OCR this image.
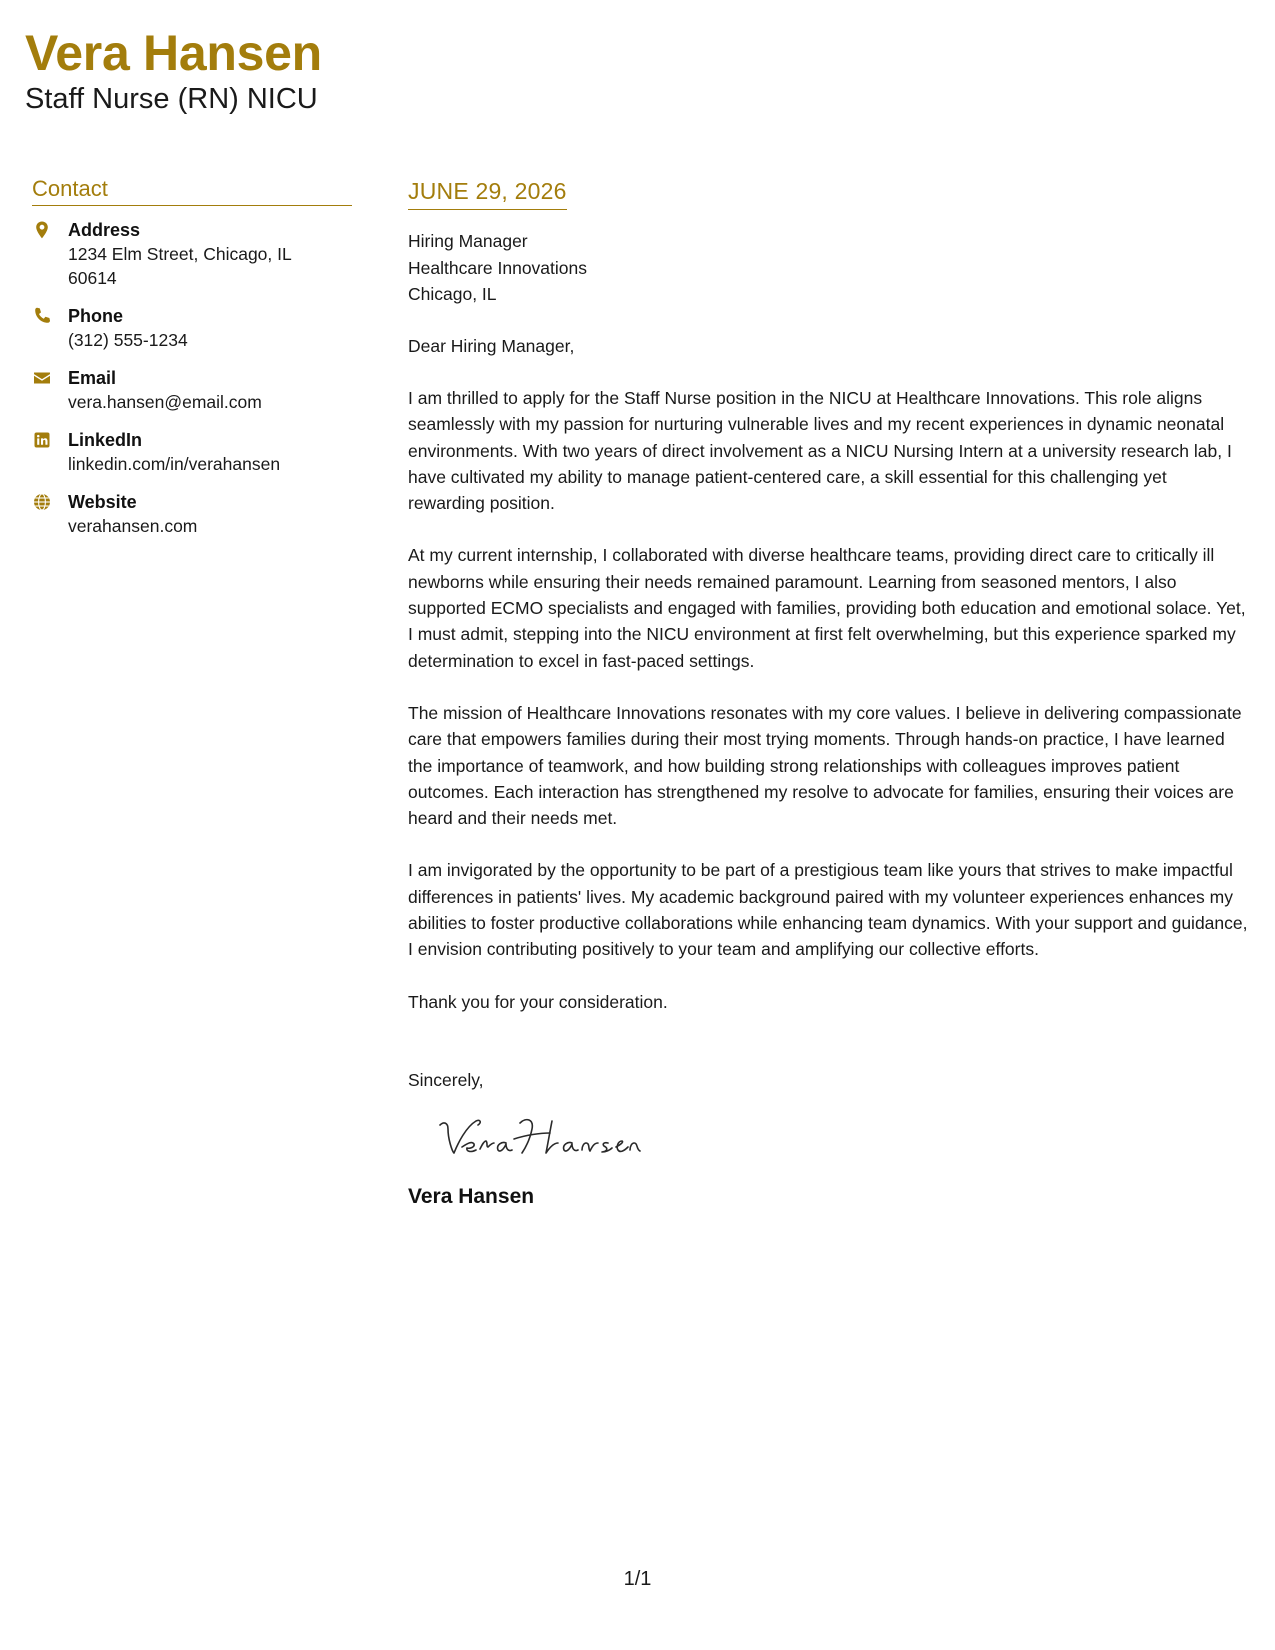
Vera Hansen
Staff Nurse (RN) NICU
Contact
Address
1234 Elm Street, Chicago, IL
60614
Phone
(312) 555-1234
Email
vera.hansen@email.com
LinkedIn
linkedin.com/in/verahansen
Website
verahansen.com
JUNE 29, 2026
Hiring Manager
Healthcare Innovations
Chicago, IL
Dear Hiring Manager,
I am thrilled to apply for the Staff Nurse position in the NICU at Healthcare Innovations. This role aligns seamlessly with my passion for nurturing vulnerable lives and my recent experiences in dynamic neonatal environments. With two years of direct involvement as a NICU Nursing Intern at a university research lab, I have cultivated my ability to manage patient-centered care, a skill essential for this challenging yet rewarding position.
At my current internship, I collaborated with diverse healthcare teams, providing direct care to critically ill newborns while ensuring their needs remained paramount. Learning from seasoned mentors, I also supported ECMO specialists and engaged with families, providing both education and emotional solace. Yet, I must admit, stepping into the NICU environment at first felt overwhelming, but this experience sparked my determination to excel in fast-paced settings.
The mission of Healthcare Innovations resonates with my core values. I believe in delivering compassionate care that empowers families during their most trying moments. Through hands-on practice, I have learned the importance of teamwork, and how building strong relationships with colleagues improves patient outcomes. Each interaction has strengthened my resolve to advocate for families, ensuring their voices are heard and their needs met.
I am invigorated by the opportunity to be part of a prestigious team like yours that strives to make impactful differences in patients' lives. My academic background paired with my volunteer experiences enhances my abilities to foster productive collaborations while enhancing team dynamics. With your support and guidance, I envision contributing positively to your team and amplifying our collective efforts.
Thank you for your consideration.
Sincerely,
Vera Hansen
1/1
